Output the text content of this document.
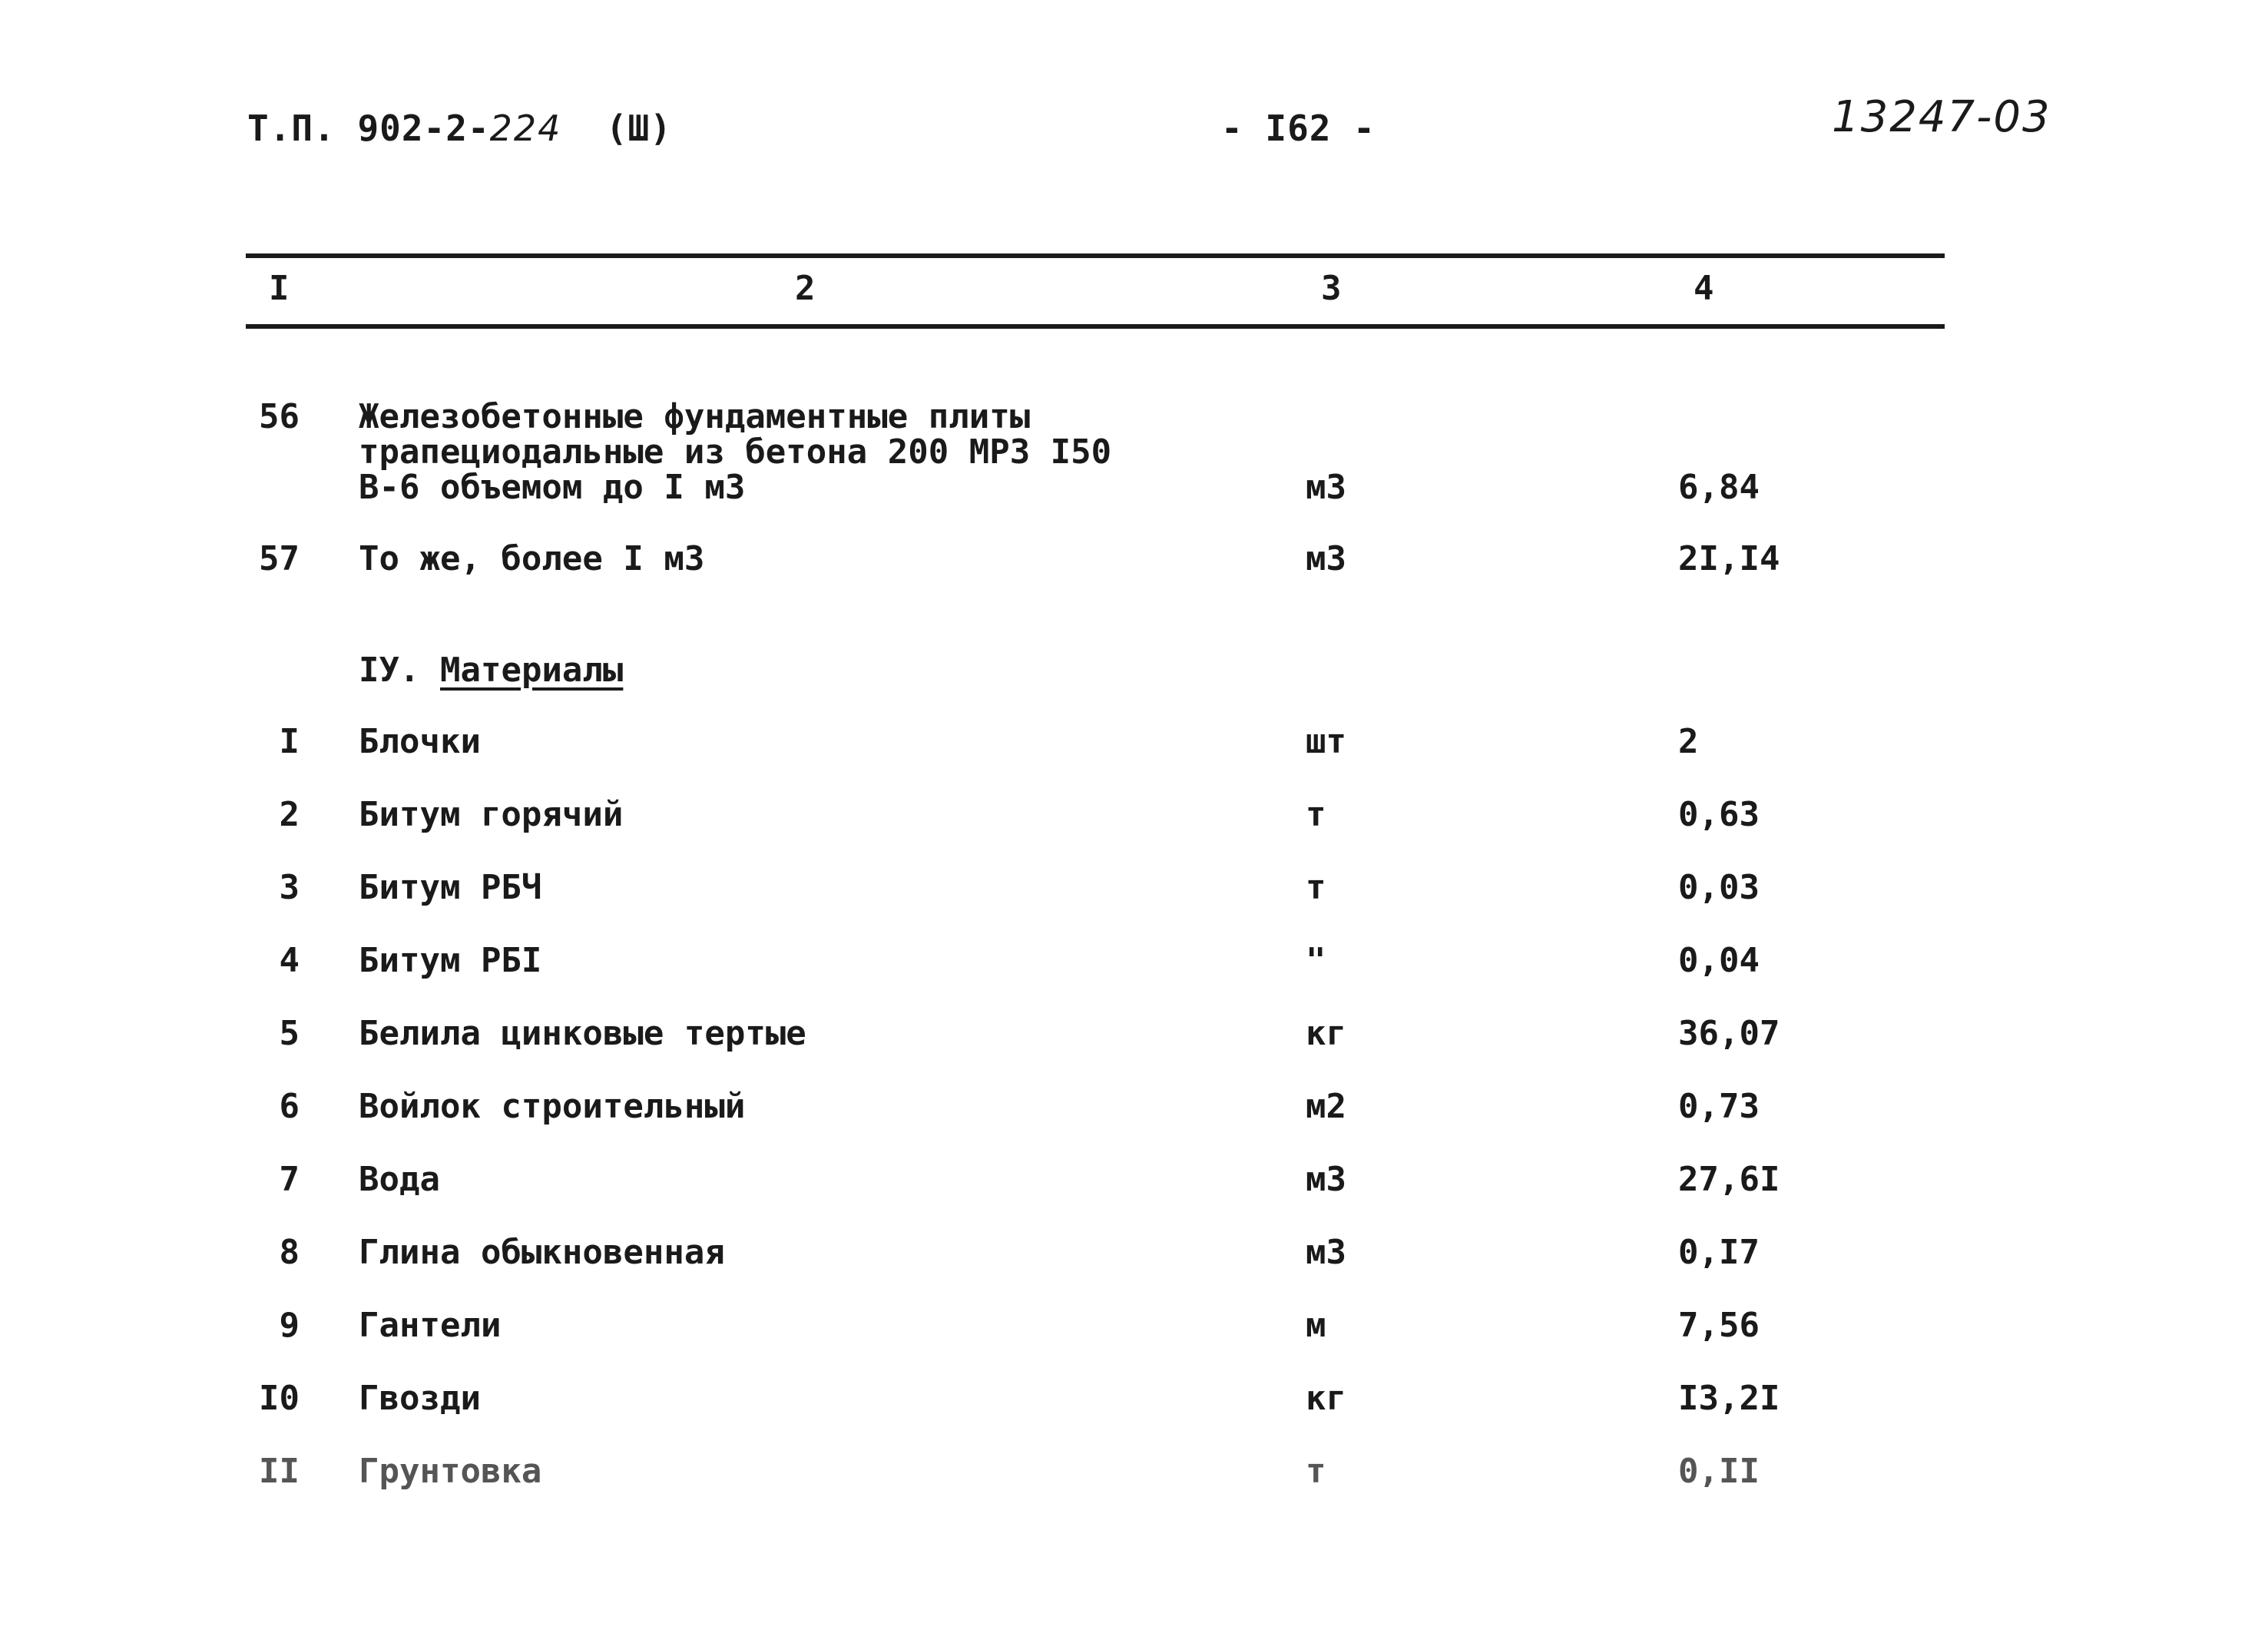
Т.П. 902-2-224 (Ш)	- I62 -	13247-03
I	2	3	4
56 Железобетонные фундаментные плиты
трапециодальные из бетона 200 МРЗ I50
В-6 объемом до I м3	м3	6,84
57 То же, более I м3	м3	2I,I4
IУ. Материалы
I Блочки	шт	2
2 Битум горячий	т	0,63
3 Битум РБЧ	т	0,03
4 Битум РБI	"	0,04
5 Белила цинковые тертые	кг	36,07
6 Войлок строительный	м2	0,73
7 Вода	м3	27,6I
8 Глина обыкновенная	м3	0,I7
9 Гантели	м	7,56
I0 Гвозди	кг	I3,2I
II Грунтовка	т	0,II
